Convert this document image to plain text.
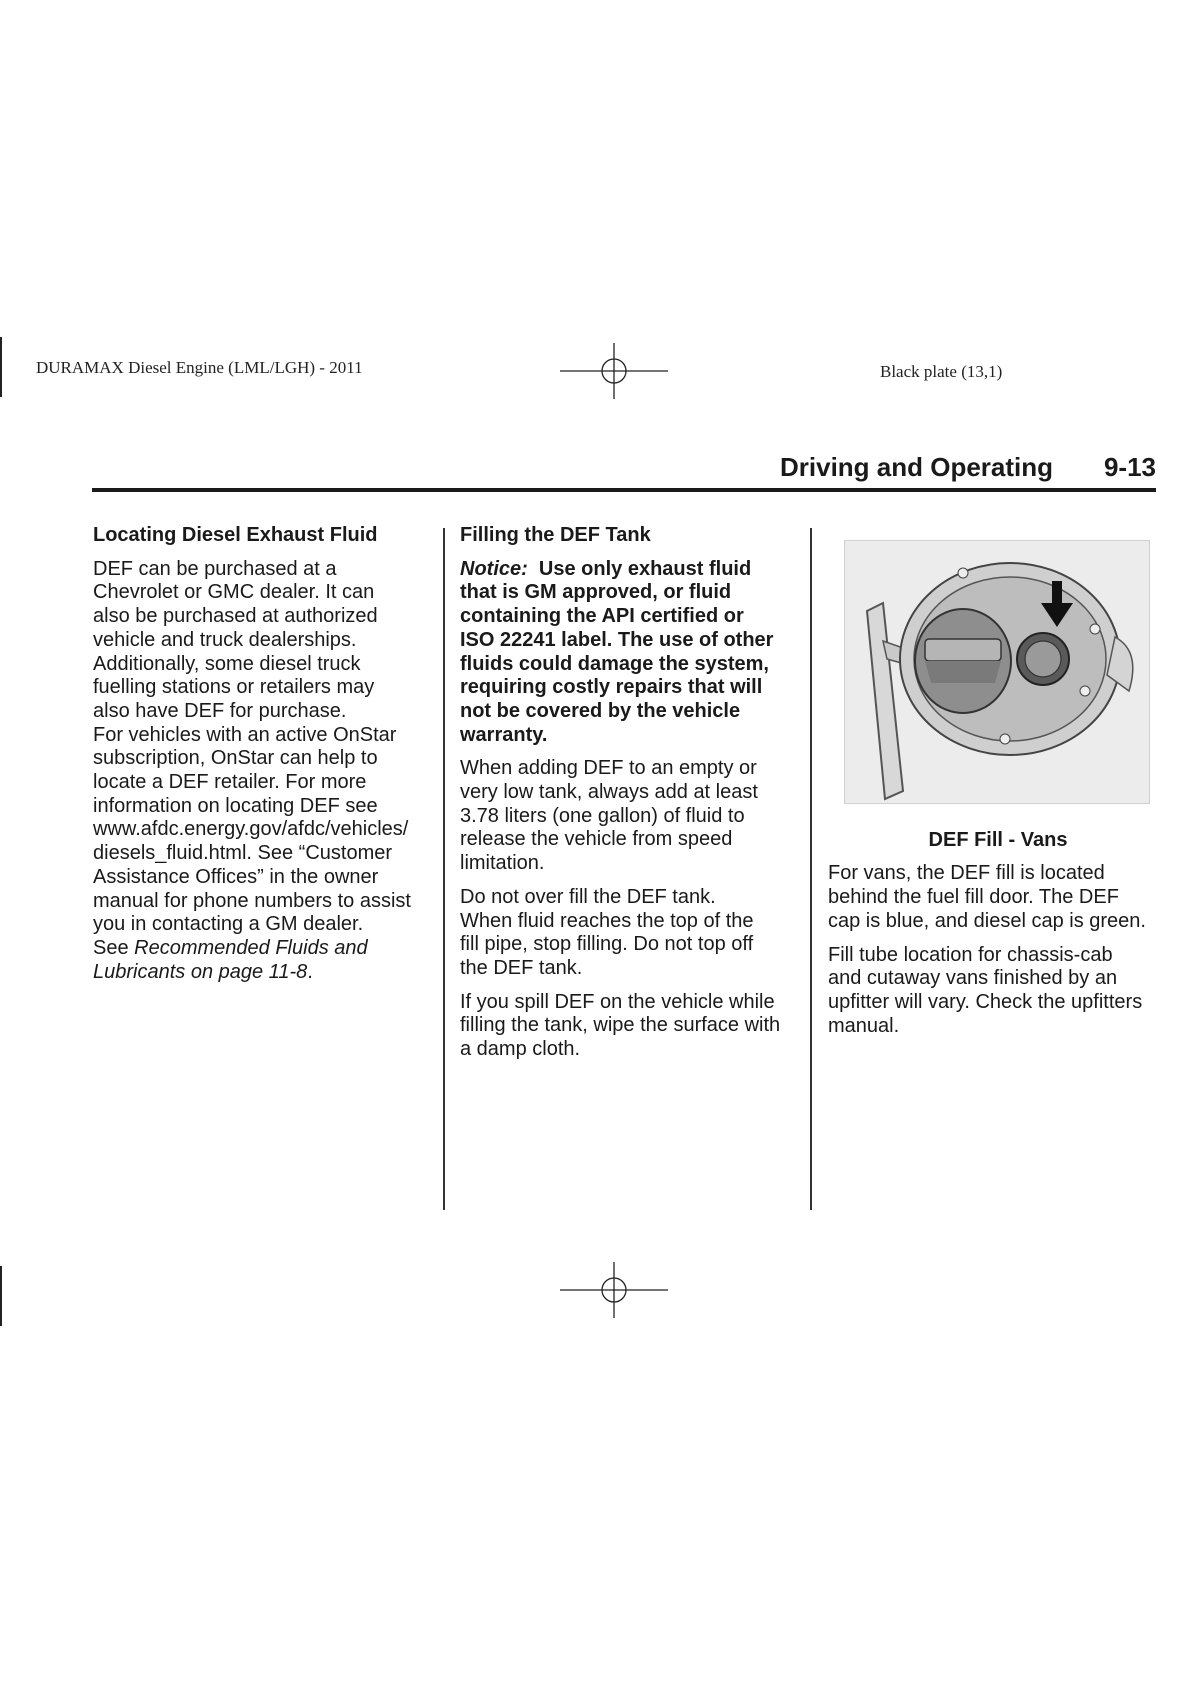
DURAMAX Diesel Engine (LML/LGH) - 2011	Black plate (13,1)
Driving and Operating 9-13
Locating Diesel Exhaust Fluid
DEF can be purchased at a
Chevrolet or GMC dealer. It can
also be purchased at authorized
vehicle and truck dealerships.
Additionally, some diesel truck
fuelling stations or retailers may
also have DEF for purchase.
For vehicles with an active OnStar
subscription, OnStar can help to
locate a DEF retailer. For more
information on locating DEF see
www.afdc.energy.gov/afdc/vehicles/
diesels_fluid.html. See “Customer
Assistance Offices” in the owner
manual for phone numbers to assist
you in contacting a GM dealer.
See Recommended Fluids and
Lubricants on page 11-8.
Filling the DEF Tank

Notice: Use only exhaust fluid
that is GM approved, or fluid
containing the API certified or
ISO 22241 label. The use of other
fluids could damage the system,
requiring costly repairs that will
not be covered by the vehicle
warranty.

When adding DEF to an empty or
very low tank, always add at least
3.78 liters (one gallon) of fluid to
release the vehicle from speed
limitation.

Do not over fill the DEF tank.
When fluid reaches the top of the
fill pipe, stop filling. Do not top off
the DEF tank.

If you spill DEF on the vehicle while
filling the tank, wipe the surface with
a damp cloth.

DEF Fill - Vans

For vans, the DEF fill is located
behind the fuel fill door. The DEF
cap is blue, and diesel cap is green.

Fill tube location for chassis-cab
and cutaway vans finished by an
upfitter will vary. Check the upfitters
manual.
